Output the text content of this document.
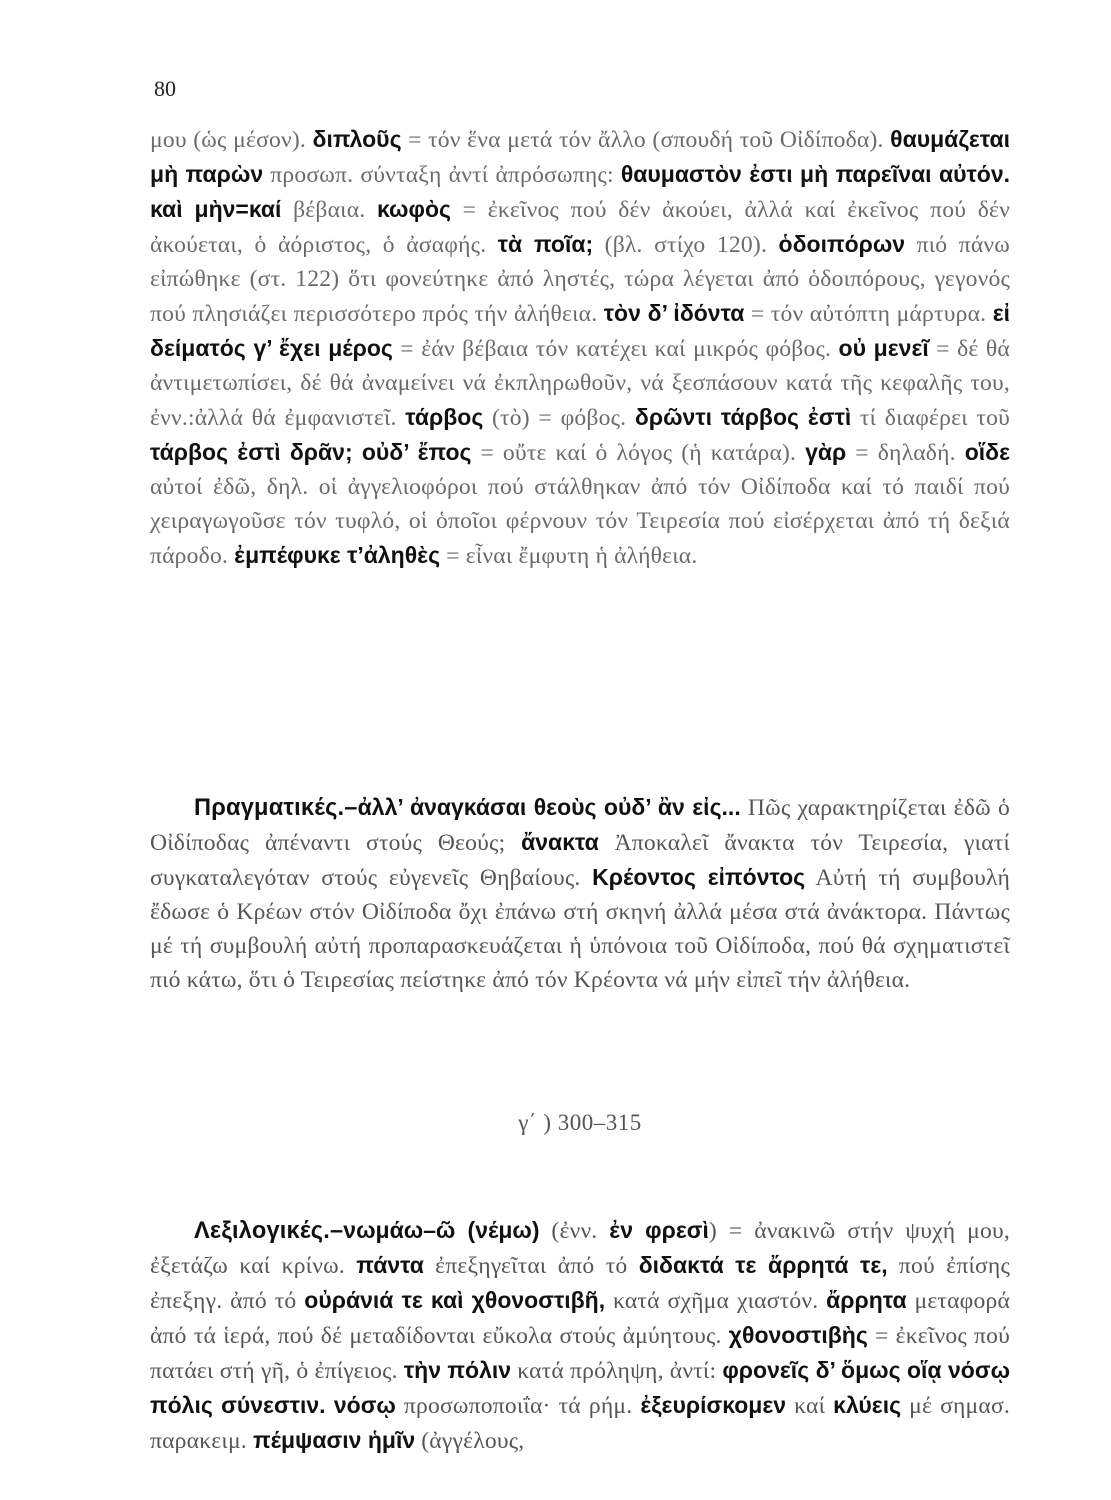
80
μου (ὡς μέσον). διπλοῦς = τόν ἕνα μετά τόν ἄλλο (σπουδή τοῦ Οἰδίποδα). θαυμάζεται μὴ παρὼν προσωπ. σύνταξη ἀντί ἀπρόσωπης: θαυμαστὸν ἐστι μὴ παρεῖναι αὐτόν. καὶ μὴν=καί βέβαια. κωφὸς = ἐκεῖνος πού δέν ἀκούει, ἀλλά καί ἐκεῖνος πού δέν ἀκούεται, ὁ ἀόριστος, ὁ ἀσαφής. τὰ ποῖα; (βλ. στίχο 120). ὁδοιπόρων πιό πάνω εἰπώθηκε (στ. 122) ὅτι φονεύτηκε ἀπό ληστές, τώρα λέγεται ἀπό ὁδοιπόρους, γεγονός πού πλησιάζει περισσότερο πρός τήν ἀλήθεια. τὸν δ’ ἰδόντα = τόν αὐτόπτη μάρτυρα. εἰ δείματός γ’ ἔχει μέρος = ἐάν βέβαια τόν κατέχει καί μικρός φόβος. οὐ μενεῖ = δέ θά ἀντιμετωπίσει, δέ θά ἀναμείνει νά ἐκπληρωθοῦν, νά ξεσπάσουν κατά τῆς κεφαλῆς του, ἐνν.:ἀλλά θά ἐμφανιστεῖ. τάρβος (τὸ) = φόβος. δρῶντι τάρβος ἐστὶ τί διαφέρει τοῦ τάρβος ἐστὶ δρᾶν; οὐδ’ ἔπος = οὔτε καί ὁ λόγος (ἡ κατάρα). γὰρ = δηλαδή. οἵδε αὐτοί ἐδῶ, δηλ. οἱ ἀγγελιοφόροι πού στάλθηκαν ἀπό τόν Οἰδίποδα καί τό παιδί πού χειραγωγοῦσε τόν τυφλό, οἱ ὁποῖοι φέρνουν τόν Τειρεσία πού εἰσέρχεται ἀπό τή δεξιά πάροδο. ἐμπέφυκε τ’ἀληθὲς = εἶναι ἔμφυτη ἡ ἀλήθεια.
Πραγματικές.–ἀλλ’ ἀναγκάσαι θεοὺς οὐδ’ ἂν εἰς... Πῶς χαρακτηρίζεται ἐδῶ ὁ Οἰδίποδας ἀπέναντι στούς Θεούς; ἄνακτα Ἀποκαλεῖ ἄνακτα τόν Τειρεσία, γιατί συγκαταλεγόταν στούς εὐγενεῖς Θηβαίους. Κρέοντος εἰπόντος Αὐτή τή συμβουλή ἔδωσε ὁ Κρέων στόν Οἰδίποδα ὄχι ἐπάνω στή σκηνή ἀλλά μέσα στά ἀνάκτορα. Πάντως μέ τή συμβουλή αὐτή προπαρασκευάζεται ἡ ὑπόνοια τοῦ Οἰδίποδα, πού θά σχηματιστεῖ πιό κάτω, ὅτι ὁ Τειρεσίας πείστηκε ἀπό τόν Κρέοντα νά μήν εἰπεῖ τήν ἀλήθεια.
γ΄ ) 300–315
Λεξιλογικές.–νωμάω–ῶ (νέμω) (ἐνν. ἐν φρεσὶ) = ἀνακινῶ στήν ψυχή μου, ἐξετάζω καί κρίνω. πάντα ἐπεξηγεῖται ἀπό τό διδακτά τε ἄρρητά τε, πού ἐπίσης ἐπεξηγ. ἀπό τό οὐράνιά τε καὶ χθονοστιβῆ, κατά σχῆμα χιαστόν. ἄρρητα μεταφορά ἀπό τά ἱερά, πού δέ μεταδίδονται εὔκολα στούς ἀμύητους. χθονοστιβὴς = ἐκεῖνος πού πατάει στή γῆ, ὁ ἐπίγειος. τὴν πόλιν κατά πρόληψη, ἀντί: φρονεῖς δ’ ὅμως οἵᾳ νόσῳ πόλις σύνεστιν. νόσῳ προσωποποιΐα· τά ρήμ. ἐξευρίσκομεν καί κλύεις μέ σημασ. παρακειμ. πέμψασιν ἡμῖν (ἀγγέλους,
